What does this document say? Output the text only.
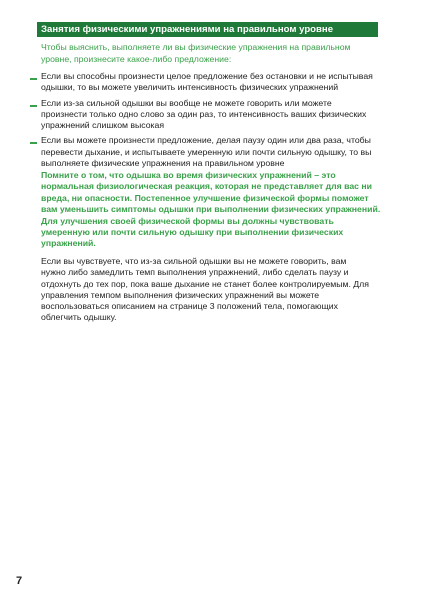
Занятия физическими упражнениями на правильном уровне
Чтобы выяснить, выполняете ли вы физические упражнения на правильном уровне, произнесите какое-либо предложение:
Если вы способны произнести целое предложение без остановки и не испытывая одышки, то вы можете увеличить интенсивность физических упражнений
Если из-за сильной одышки вы вообще не можете говорить или можете произнести только одно слово за один раз, то интенсивность ваших физических упражнений слишком высокая
Если вы можете произнести предложение, делая паузу один или два раза, чтобы перевести дыхание, и испытываете умеренную или почти сильную одышку, то вы выполняете физические упражнения на правильном уровне
Помните о том, что одышка во время физических упражнений – это нормальная физиологическая реакция, которая не представляет для вас ни вреда, ни опасности. Постепенное улучшение физической формы поможет вам уменьшить симптомы одышки при выполнении физических упражнений. Для улучшения своей физической формы вы должны чувствовать умеренную или почти сильную одышку при выполнении физических упражнений.
Если вы чувствуете, что из-за сильной одышки вы не можете говорить, вам нужно либо замедлить темп выполнения упражнений, либо сделать паузу и отдохнуть до тех пор, пока ваше дыхание не станет более контролируемым. Для управления темпом выполнения физических упражнений вы можете воспользоваться описанием на странице 3 положений тела, помогающих облегчить одышку.
7
